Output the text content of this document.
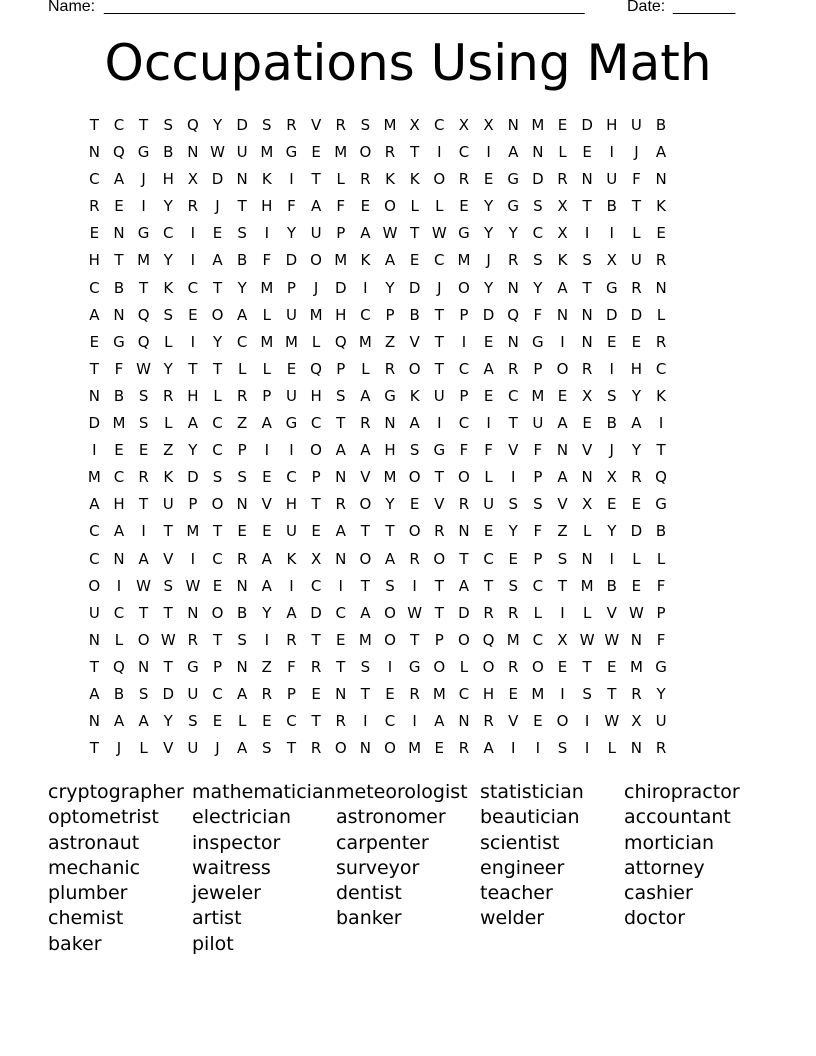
Name: ______________________________________________________	Date: _______
Occupations Using Math
T C T	S Q Y D S R V R S M X C X X N M E D H U B
N Q G B N W U M G E M O R T	I	C	I	A N L	E	I	J	A
C A	J	H X D N K	I	T	L	R K K O R E G D R N U F N
R E	I	Y R	J	T H F	A	F	E O L	L	E	Y G S X T B T	K
E N G C	I	E	S	I	Y U P A W T W G Y	Y C X	I	I	L	E
H T M Y	I	A B	F D O M K A E C M	J	R S K S X U R
C B T	K C T	Y M P	J	D	I	Y D	J	O Y N Y A T G R N
A N Q S	E O A	L U M H C P B T	P D Q F N N D D L
E G Q L	I	Y C M M L Q M Z V T	I	E N G	I	N E	E R
T	F W Y	T	T	L	L	E Q P	L	R O T C A R P O R	I	H C
N B S R H L	R P U H S A G K U P	E C M E X S	Y	K
D M S	L	A C Z A G C T R N A	I	C	I	T U A E B A	I
I	E	E Z Y C P	I	I	O A A H S G F	F	V	F N V	J	Y	T
M C R K D S	S	E C P N V M O T O L	I	P A N X R Q
A H T U P O N V H T R O Y	E V R U S	S V X E	E G
C A	I	T M T	E	E U E A T	T O R N E	Y	F	Z	L	Y D B
C N A V	I	C R A K X N O A R O T C E	P	S N	I	L	L
O	I	W S W E N A	I	C	I	T	S	I	T A T	S C T M B E	F
U C T	T N O B Y A D C A O W T D R R	L	I	L	V W P
N L O W R T	S	I	R T	E M O T	P O Q M C X W W N F
T Q N T G P N Z	F	R T	S	I	G O L O R O E	T	E M G
A B S D U C A R P	E N T	E R M C H E M	I	S	T R Y
N A A Y	S	E	L	E C T R	I	C	I	A N R V E O	I	W X U
T	J	L	V U	J	A S	T R O N O M E R A	I	I	S	I	L N R
cryptographer
optometrist
astronaut
mechanic
plumber
chemist
baker
mathematician
electrician
inspector
waitress
jeweler
artist
pilot
meteorologist
astronomer
carpenter
surveyor
dentist
banker
statistician
beautician
scientist
engineer
teacher
welder
chiropractor
accountant
mortician
attorney
cashier
doctor
